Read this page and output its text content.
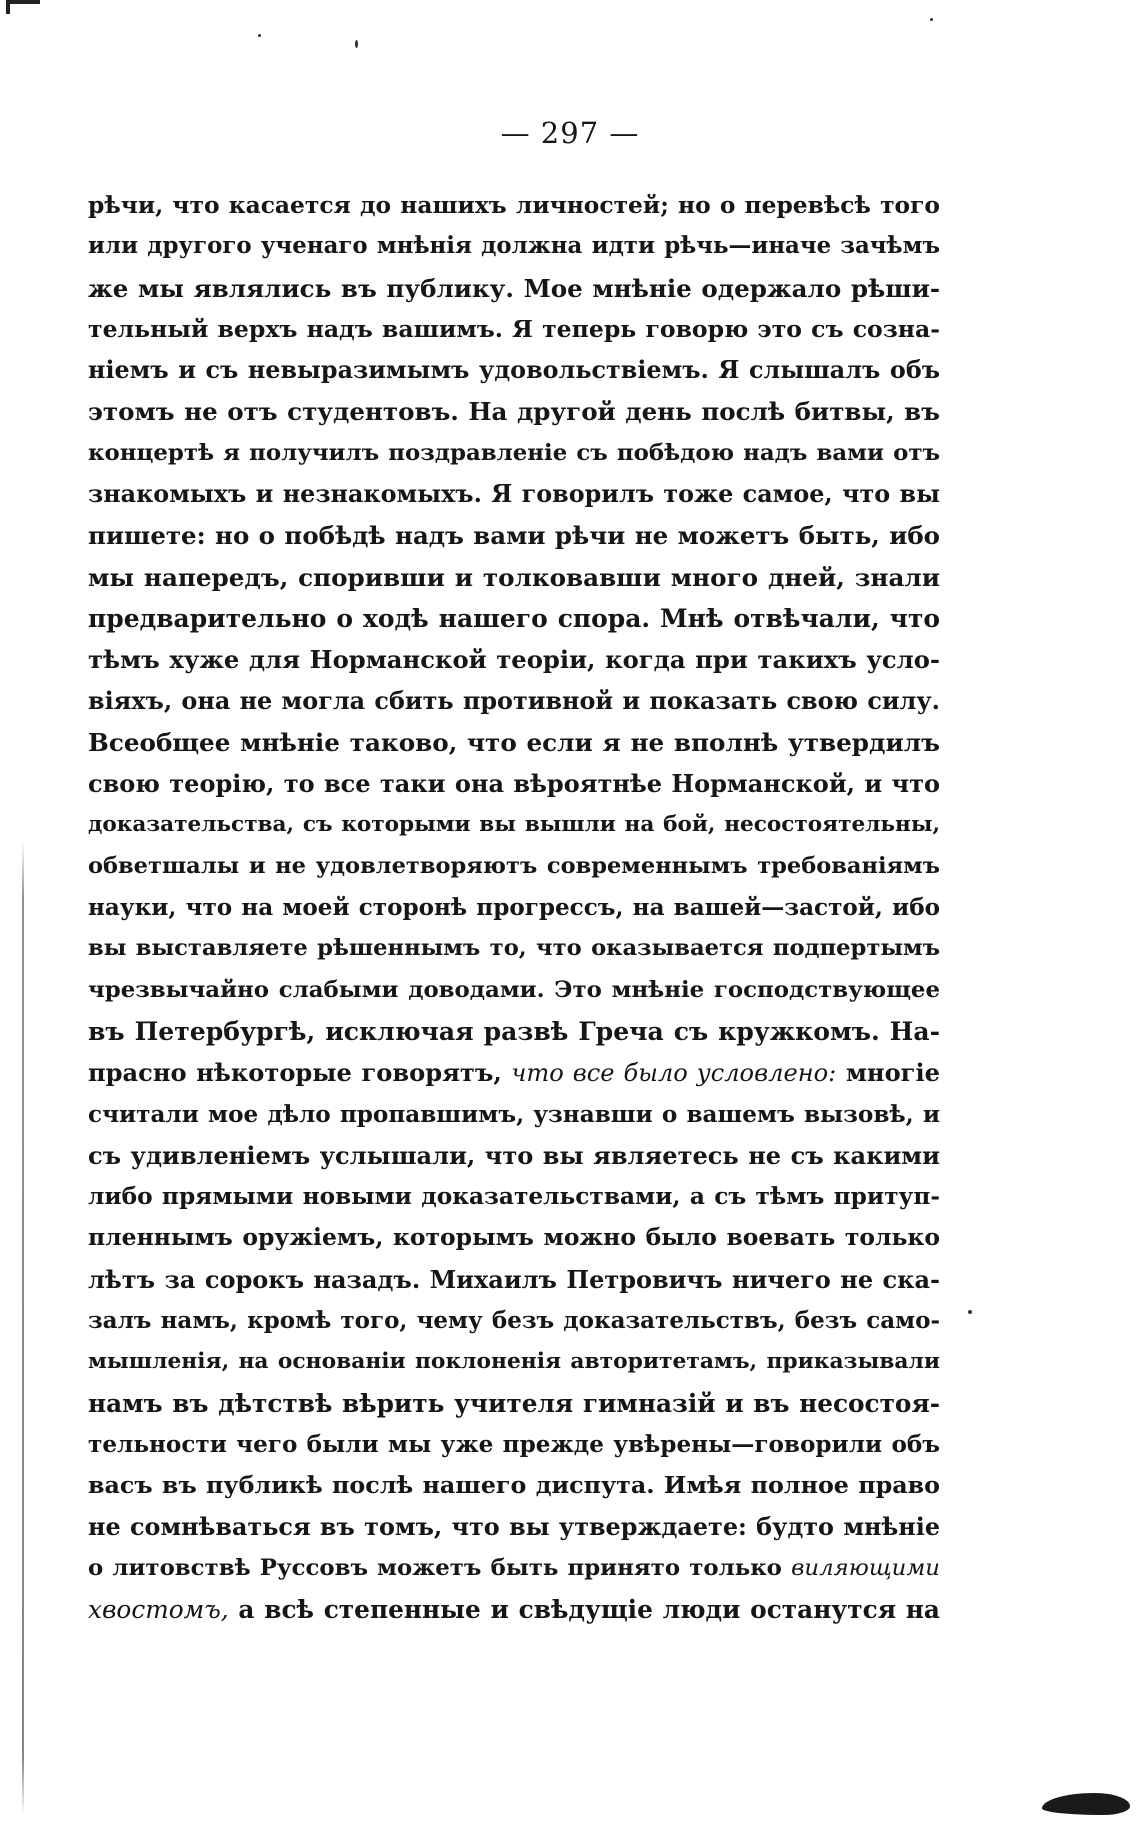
— 297 —
рѣчи, что касается до нашихъ личностей; но о перевѣсѣ того
или другого ученаго мнѣнія должна идти рѣчь—иначе зачѣмъ
же мы являлись въ публику. Мое мнѣніе одержало рѣши-
тельный верхъ надъ вашимъ. Я теперь говорю это съ созна-
ніемъ и съ невыразимымъ удовольствіемъ. Я слышалъ объ
этомъ не отъ студентовъ. На другой день послѣ битвы, въ
концертѣ я получилъ поздравленіе съ побѣдою надъ вами отъ
знакомыхъ и незнакомыхъ. Я говорилъ тоже самое, что вы
пишете: но о побѣдѣ надъ вами рѣчи не можетъ быть, ибо
мы напередъ, споривши и толковавши много дней, знали
предварительно о ходѣ нашего спора. Мнѣ отвѣчали, что
тѣмъ хуже для Норманской теоріи, когда при такихъ усло-
віяхъ, она не могла сбить противной и показать свою силу.
Всеобщее мнѣніе таково, что если я не вполнѣ утвердилъ
свою теорію, то все таки она вѣроятнѣе Норманской, и что
доказательства, съ которыми вы вышли на бой, несостоятельны,
обветшалы и не удовлетворяютъ современнымъ требованіямъ
науки, что на моей сторонѣ прогрессъ, на вашей—застой, ибо
вы выставляете рѣшеннымъ то, что оказывается подпертымъ
чрезвычайно слабыми доводами. Это мнѣніе господствующее
въ Петербургѣ, исключая развѣ Греча съ кружкомъ. На-
прасно нѣкоторые говорятъ, что все было условлено: многіе
считали мое дѣло пропавшимъ, узнавши о вашемъ вызовѣ, и
съ удивленіемъ услышали, что вы являетесь не съ какими
либо прямыми новыми доказательствами, а съ тѣмъ притуп-
пленнымъ оружіемъ, которымъ можно было воевать только
лѣтъ за сорокъ назадъ. Михаилъ Петровичъ ничего не ска-
залъ намъ, кромѣ того, чему безъ доказательствъ, безъ само-
мышленія, на основаніи поклоненія авторитетамъ, приказывали
намъ въ дѣтствѣ вѣрить учителя гимназій и въ несостоя-
тельности чего были мы уже прежде увѣрены—говорили объ
васъ въ публикѣ послѣ нашего диспута. Имѣя полное право
не сомнѣваться въ томъ, что вы утверждаете: будто мнѣніе
о литовствѣ Руссовъ можетъ быть принято только виляющими
хвостомъ, а всѣ степенные и свѣдущіе люди останутся на
